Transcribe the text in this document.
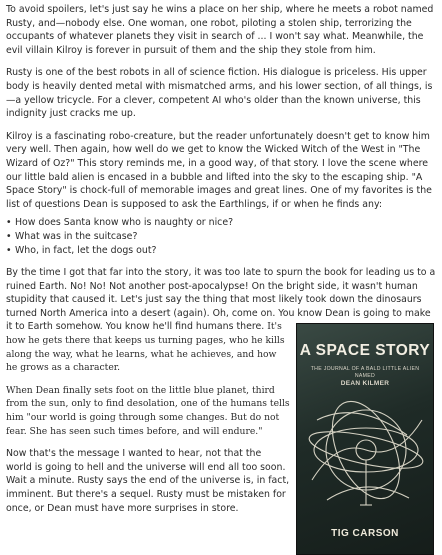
To avoid spoilers, let's just say he wins a place on her ship, where he meets a robot named Rusty, and—nobody else. One woman, one robot, piloting a stolen ship, terrorizing the occupants of whatever planets they visit in search of ... I won't say what. Meanwhile, the evil villain Kilroy is forever in pursuit of them and the ship they stole from him.

Rusty is one of the best robots in all of science fiction. His dialogue is priceless. His upper body is heavily dented metal with mismatched arms, and his lower section, of all things, is—a yellow tricycle. For a clever, competent AI who's older than the known universe, this indignity just cracks me up.

Kilroy is a fascinating robo-creature, but the reader unfortunately doesn't get to know him very well. Then again, how well do we get to know the Wicked Witch of the West in "The Wizard of Oz?" This story reminds me, in a good way, of that story. I love the scene where our little bald alien is encased in a bubble and lifted into the sky to the escaping ship. "A Space Story" is chock-full of memorable images and great lines. One of my favorites is the list of questions Dean is supposed to ask the Earthlings, if or when he finds any:

• How does Santa know who is naughty or nice?
• What was in the suitcase?
• Who, in fact, let the dogs out?

By the time I got that far into the story, it was too late to spurn the book for leading us to a ruined Earth. No! No! Not another post-apocalypse! On the bright side, it wasn't human stupidity that caused it. Let's just say the thing that most likely took down the dinosaurs turned North America into a desert (again). Oh, come on. You know Dean is going to make it to Earth somehow. You know he'll find humans there.
A SPACE STORY
THE JOURNAL OF A BALD LITTLE ALIEN NAMED
DEAN KILMER
TIG CARSON
It's how he gets there that keeps us turning pages, who he kills along the way, what he learns, what he achieves, and how he grows as a character.

When Dean finally sets foot on the little blue planet, third from the sun, only to find desolation, one of the humans tells him "our world is going through some changes. But do not fear. She has seen such times before, and will endure."

Now that's the message I wanted to hear, not that the world is going to hell and the universe will end all too soon. Wait a minute. Rusty says the end of the universe is, in fact, imminent. But there's a sequel. Rusty must be mistaken for once, or Dean must have more surprises in store.
